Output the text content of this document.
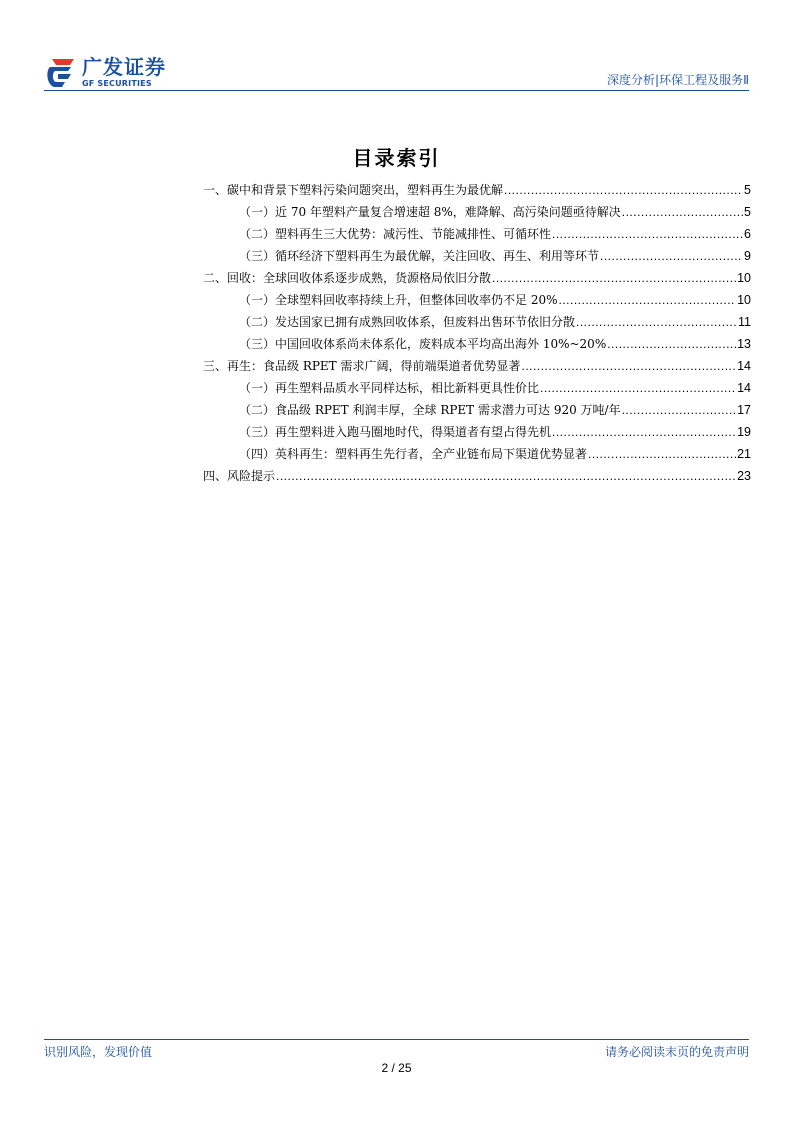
广发证券
GF SECURITIES	深度分析|环保工程及服务Ⅱ
目录索引
一、碳中和背景下塑料污染问题突出，塑料再生为最优解 .....	5
（一）近 70 年塑料产量复合增速超 8%，难降解、高污染问题亟待解决 .....	5
（二）塑料再生三大优势：减污性、节能减排性、可循环性 .....	6
（三）循环经济下塑料再生为最优解，关注回收、再生、利用等环节 .....	9
二、回收：全球回收体系逐步成熟，货源格局依旧分散 .....	10
（一）全球塑料回收率持续上升，但整体回收率仍不足 20% .....	10
（二）发达国家已拥有成熟回收体系，但废料出售环节依旧分散 .....	11
（三）中国回收体系尚未体系化，废料成本平均高出海外 10%~20% .....	13
三、再生：食品级 RPET 需求广阔，得前端渠道者优势显著 .....	14
（一）再生塑料品质水平同样达标，相比新料更具性价比 .....	14
（二）食品级 RPET 利润丰厚，全球 RPET 需求潜力可达 920 万吨/年 .....	17
（三）再生塑料进入跑马圈地时代，得渠道者有望占得先机 .....	19
（四）英科再生：塑料再生先行者，全产业链布局下渠道优势显著 .....	21
四、风险提示 .....	23
识别风险，发现价值	请务必阅读末页的免责声明
2 / 25
